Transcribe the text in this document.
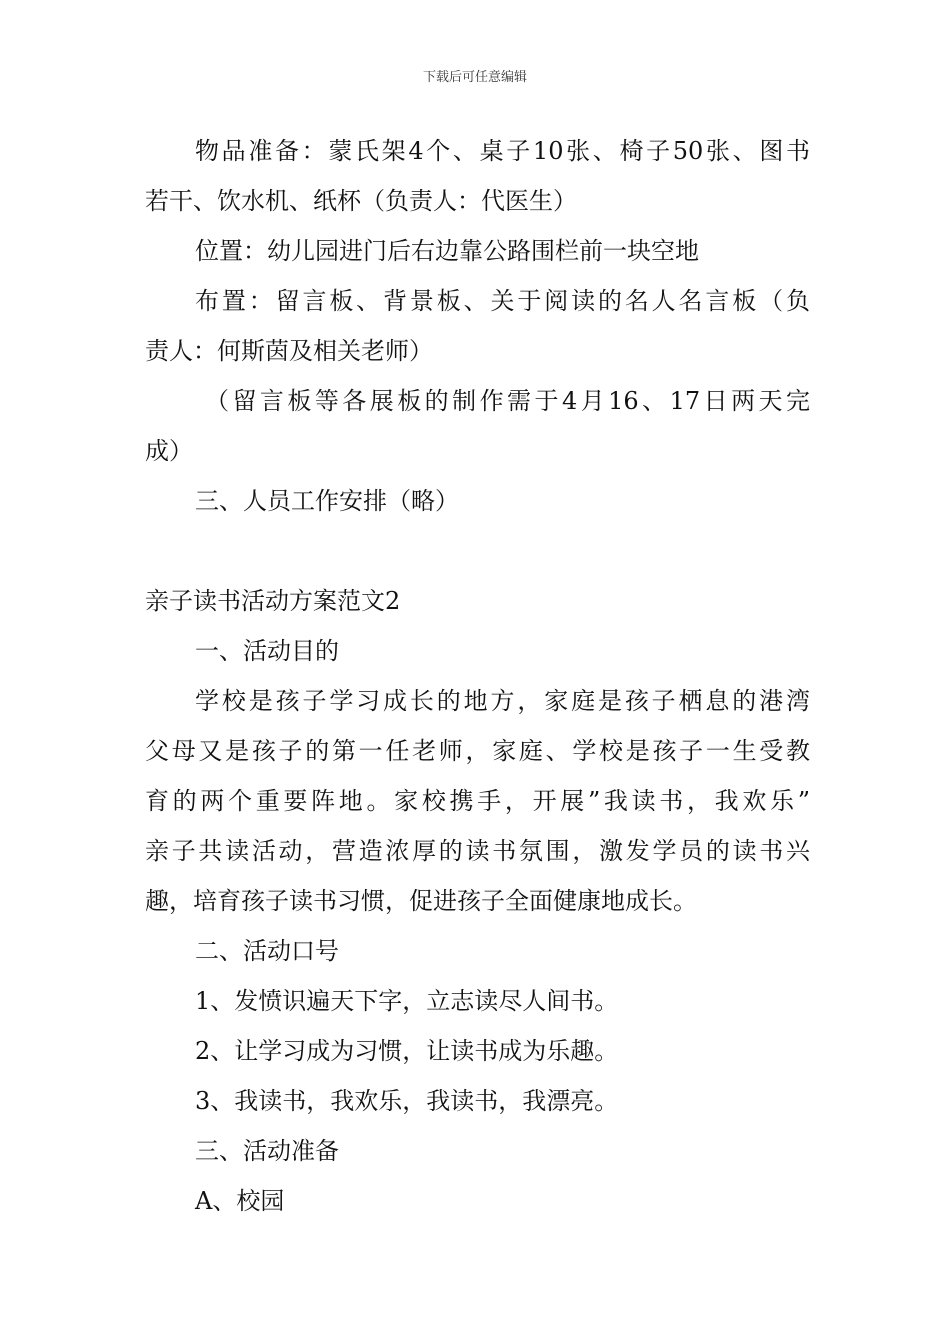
下载后可任意编辑
物品准备：蒙氏架4个、桌子10张、椅子50张、图书
若干、饮水机、纸杯（负责人：代医生）
位置：幼儿园进门后右边靠公路围栏前一块空地
布置：留言板、背景板、关于阅读的名人名言板（负
责人：何斯茵及相关老师）
（留言板等各展板的制作需于4月16、17日两天完
成）
三、人员工作安排（略）
亲子读书活动方案范文2
一、活动目的
学校是孩子学习成长的地方，家庭是孩子栖息的港湾
父母又是孩子的第一任老师，家庭、学校是孩子一生受教
育的两个重要阵地。家校携手，开展”我读书，我欢乐”
亲子共读活动，营造浓厚的读书氛围，激发学员的读书兴
趣，培育孩子读书习惯，促进孩子全面健康地成长。
二、活动口号
1、发愤识遍天下字，立志读尽人间书。
2、让学习成为习惯，让读书成为乐趣。
3、我读书，我欢乐，我读书，我漂亮。
三、活动准备
A、校园
